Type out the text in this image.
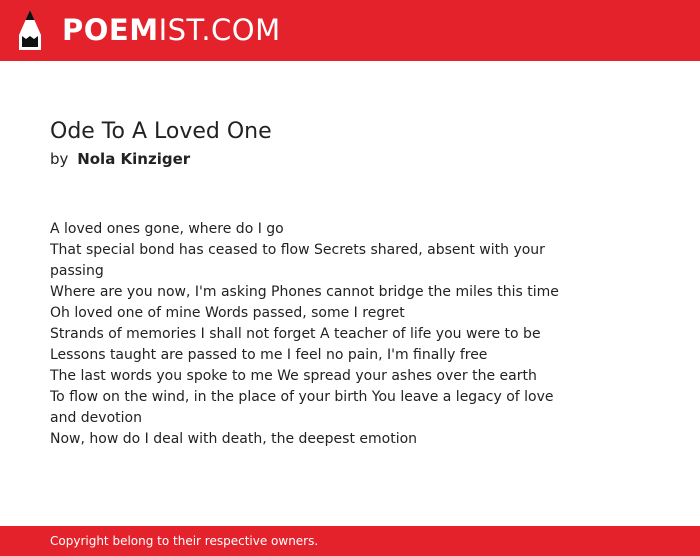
POEMIST.COM
Ode To A Loved One
by Nola Kinziger
A loved ones gone, where do I go
That special bond has ceased to flow Secrets shared, absent with your passing
Where are you now, I'm asking Phones cannot bridge the miles this time
Oh loved one of mine Words passed, some I regret
Strands of memories I shall not forget A teacher of life you were to be
Lessons taught are passed to me I feel no pain, I'm finally free
The last words you spoke to me We spread your ashes over the earth
To flow on the wind, in the place of your birth You leave a legacy of love and devotion
Now, how do I deal with death, the deepest emotion
Copyright belong to their respective owners.
